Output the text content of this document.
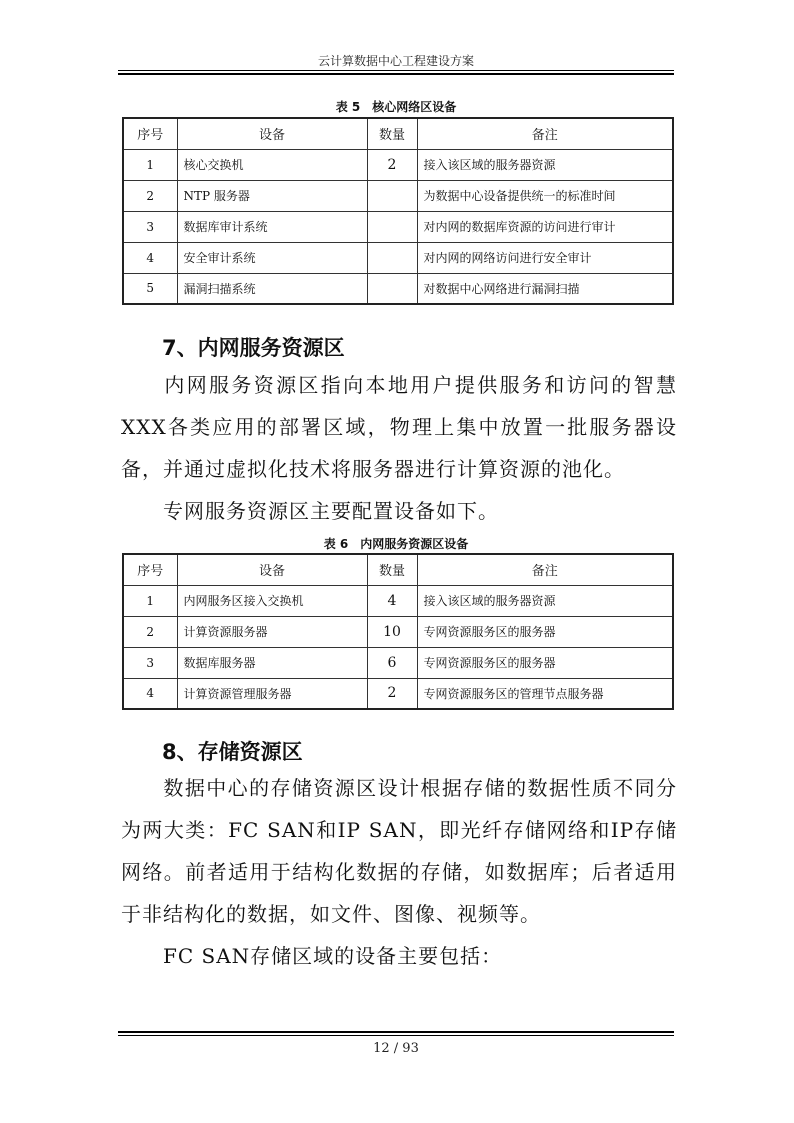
云计算数据中心工程建设方案
表 5　核心网络区设备
序号	设备	数量	备注
1	核心交换机	2	接入该区域的服务器资源
2	NTP 服务器		为数据中心设备提供统一的标准时间
3	数据库审计系统		对内网的数据库资源的访问进行审计
4	安全审计系统		对内网的网络访问进行安全审计
5	漏洞扫描系统		对数据中心网络进行漏洞扫描
7、内网服务资源区
内网服务资源区指向本地用户提供服务和访问的智慧XXX各类应用的部署区域，物理上集中放置一批服务器设备，并通过虚拟化技术将服务器进行计算资源的池化。
专网服务资源区主要配置设备如下。
表 6　内网服务资源区设备
序号	设备	数量	备注
1	内网服务区接入交换机	4	接入该区域的服务器资源
2	计算资源服务器	10	专网资源服务区的服务器
3	数据库服务器	6	专网资源服务区的服务器
4	计算资源管理服务器	2	专网资源服务区的管理节点服务器
8、存储资源区
数据中心的存储资源区设计根据存储的数据性质不同分为两大类：FC SAN和IP SAN，即光纤存储网络和IP存储网络。前者适用于结构化数据的存储，如数据库；后者适用于非结构化的数据，如文件、图像、视频等。
FC SAN存储区域的设备主要包括：
12 / 93
